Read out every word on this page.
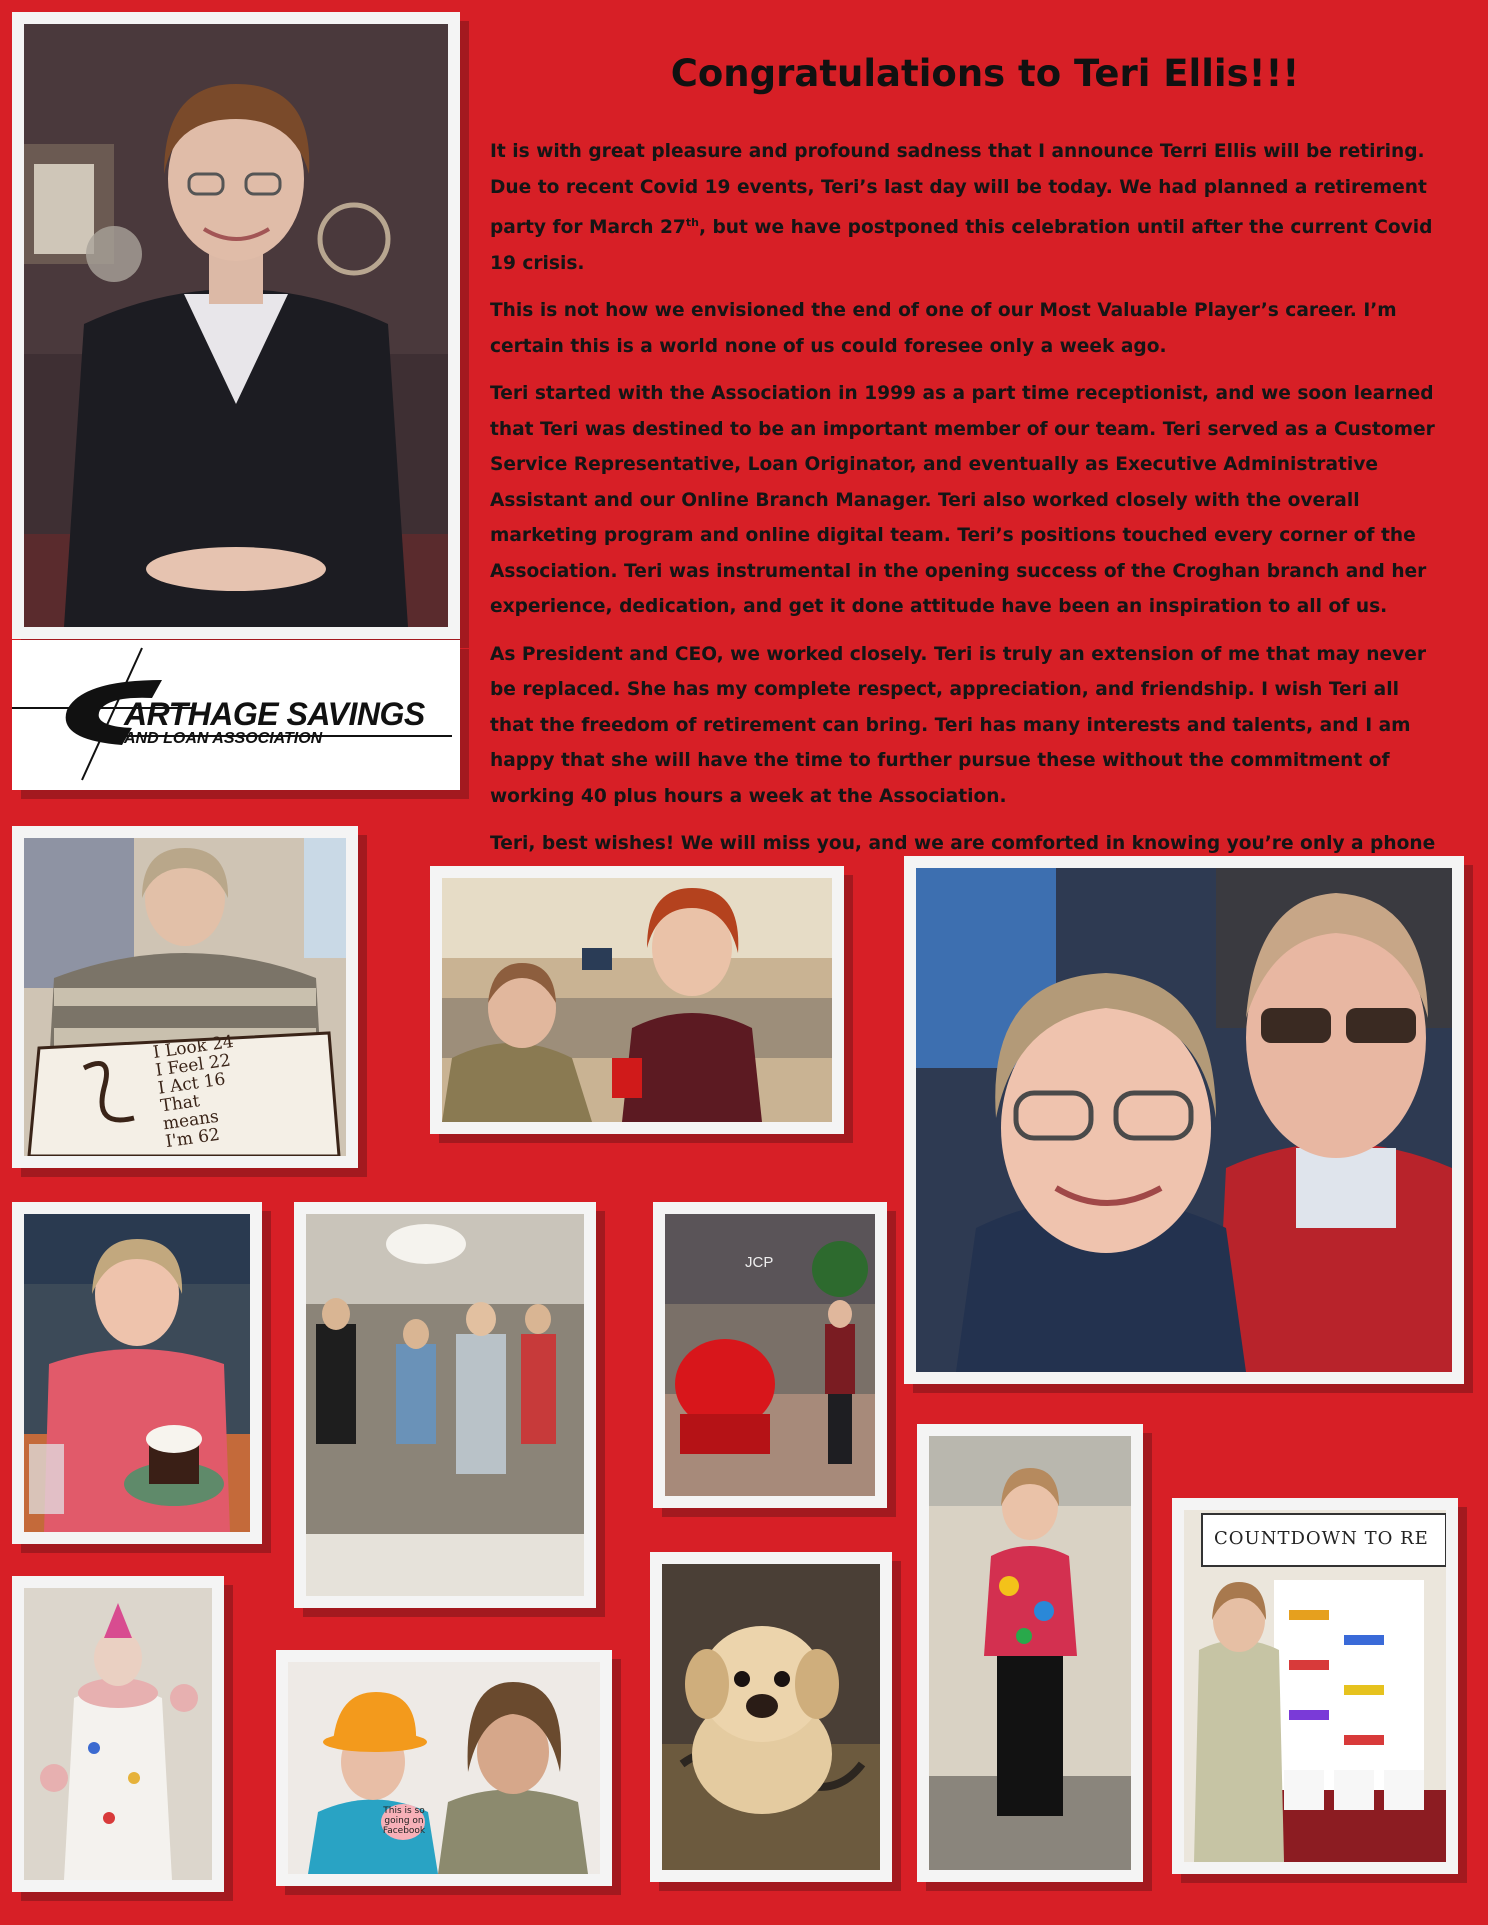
Congratulations to Teri Ellis!!!

It is with great pleasure and profound sadness that I announce Terri Ellis will be retiring. Due to recent Covid 19 events, Teri’s last day will be today. We had planned a retirement party for March 27th, but we have postponed this celebration until after the current Covid 19 crisis.

This is not how we envisioned the end of one of our Most Valuable Player’s career. I’m certain this is a world none of us could foresee only a week ago.

Teri started with the Association in 1999 as a part time receptionist, and we soon learned that Teri was destined to be an important member of our team. Teri served as a Customer Service Representative, Loan Originator, and eventually as Executive Administrative Assistant and our Online Branch Manager. Teri also worked closely with the overall marketing program and online digital team. Teri’s positions touched every corner of the Association. Teri was instrumental in the opening success of the Croghan branch and her experience, dedication, and get it done attitude have been an inspiration to all of us.

As President and CEO, we worked closely. Teri is truly an extension of me that may never be replaced. She has my complete respect, appreciation, and friendship. I wish Teri all that the freedom of retirement can bring. Teri has many interests and talents, and I am happy that she will have the time to further pursue these without the commitment of working 40 plus hours a week at the Association.

Teri, best wishes! We will miss you, and we are comforted in knowing you’re only a phone

ARTHAGE SAVINGS
AND LOAN ASSOCIATION
I Look 24
I Feel 22
I Act 16
That
means
I'm 62
JCP
This is so going on Facebook
COUNTDOWN TO RE
